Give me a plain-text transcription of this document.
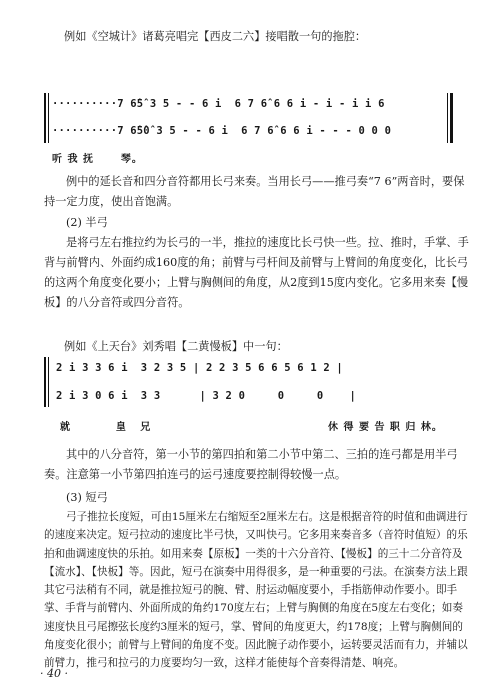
例如《空城计》诸葛亮唱完【西皮二六】接唱散一句的拖腔：
··········7 6̂5̂ 3 5 - - 6 i  6 7 6̂ 6 6 i - i - i i 6
··········7 6̂5̂0̂ 3 5 - - 6 i  6 7 6̂ 6 6 i - - - 0 0 0
听 我 抚      琴。
例中的延长音和四分音符都用长弓来奏。当用长弓——推弓奏“7 6”两音时，要保持一定力度，使出音饱满。
(2) 半弓
是将弓左右推拉约为长弓的一半，推拉的速度比长弓快一些。拉、推时，手掌、手背与前臂内、外面约成160度的角；前臂与弓杆间及前臂与上臂间的角度变化，比长弓的这两个角度变化要小；上臂与胸侧间的角度，从2度到15度内变化。它多用来奏【慢板】的八分音符或四分音符。
例如《上天台》刘秀唱【二黄慢板】中一句：
2 i 3 3 6 i  3 2 3 5 | 2 2 3 5 6 6 5 6 1 2 |
2 i 3 0 6 i  3 3      | 3 2 0     0     0    |
就          皇   兄	休 得 要 告 职 归 林。
其中的八分音符，第一小节的第四拍和第二小节中第二、三拍的连弓都是用半弓奏。注意第一小节第四拍连弓的运弓速度要控制得较慢一点。
(3) 短弓
弓子推拉长度短，可由15厘米左右缩短至2厘米左右。这是根据音符的时值和曲调进行的速度来决定。短弓拉动的速度比半弓快，又叫快弓。它多用来奏音多（音符时值短）的乐拍和曲调速度快的乐拍。如用来奏【原板】一类的十六分音符、【慢板】的三十二分音符及【流水】、【快板】等。因此，短弓在演奏中用得很多，是一种重要的弓法。在演奏方法上跟其它弓法稍有不同，就是推拉短弓的腕、臂、肘运动幅度要小，手指筋伸动作要小。即手掌、手背与前臂内、外面所成的角约170度左右；上臂与胸侧的角度在5度左右变化；如奏速度快且弓尾擦弦长度约3厘米的短弓，掌、臂间的角度更大，约178度；上臂与胸侧间的角度变化很小；前臂与上臂间的角度不变。因此腕子动作要小，运转要灵活而有力，并辅以前臂力，推弓和拉弓的力度要均匀一致，这样才能使每个音奏得清楚、响亮。
· 40 ·
